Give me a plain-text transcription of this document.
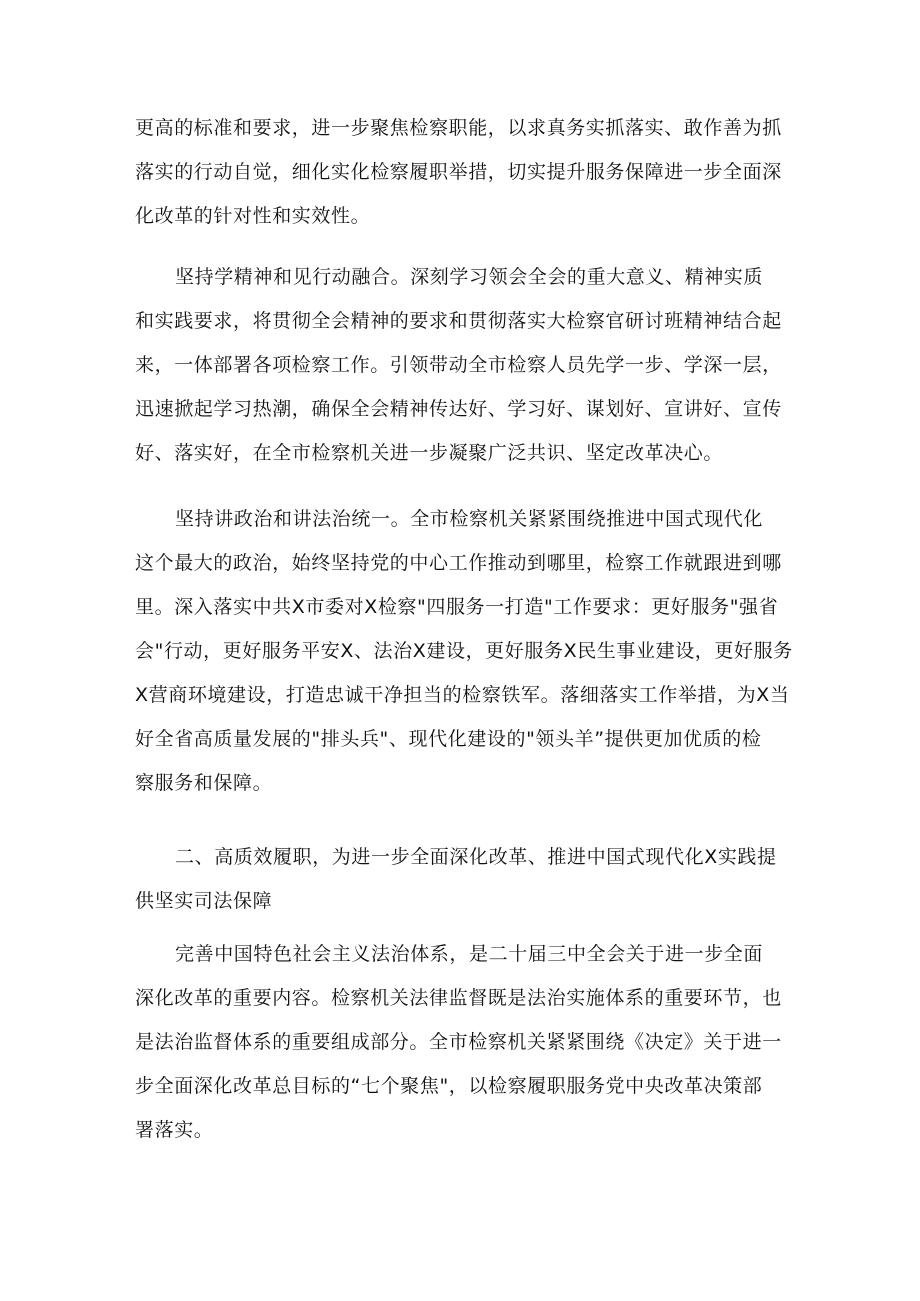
更高的标准和要求，进一步聚焦检察职能，以求真务实抓落实、敢作善为抓
落实的行动自觉，细化实化检察履职举措，切实提升服务保障进一步全面深
化改革的针对性和实效性。
坚持学精神和见行动融合。深刻学习领会全会的重大意义、精神实质
和实践要求，将贯彻全会精神的要求和贯彻落实大检察官研讨班精神结合起
来，一体部署各项检察工作。引领带动全市检察人员先学一步、学深一层，
迅速掀起学习热潮，确保全会精神传达好、学习好、谋划好、宣讲好、宣传
好、落实好，在全市检察机关进一步凝聚广泛共识、坚定改革决心。
坚持讲政治和讲法治统一。全市检察机关紧紧围绕推进中国式现代化
这个最大的政治，始终坚持党的中心工作推动到哪里，检察工作就跟进到哪
里。深入落实中共X市委对X检察"四服务一打造"工作要求：更好服务"强省
会"行动，更好服务平安X、法治X建设，更好服务X民生事业建设，更好服务
X营商环境建设，打造忠诚干净担当的检察铁军。落细落实工作举措，为X当
好全省高质量发展的"排头兵"、现代化建设的"领头羊”提供更加优质的检
察服务和保障。
二、高质效履职，为进一步全面深化改革、推进中国式现代化X实践提
供坚实司法保障
完善中国特色社会主义法治体系，是二十届三中全会关于进一步全面
深化改革的重要内容。检察机关法律监督既是法治实施体系的重要环节，也
是法治监督体系的重要组成部分。全市检察机关紧紧围绕《决定》关于进一
步全面深化改革总目标的“七个聚焦"，以检察履职服务党中央改革决策部
署落实。
